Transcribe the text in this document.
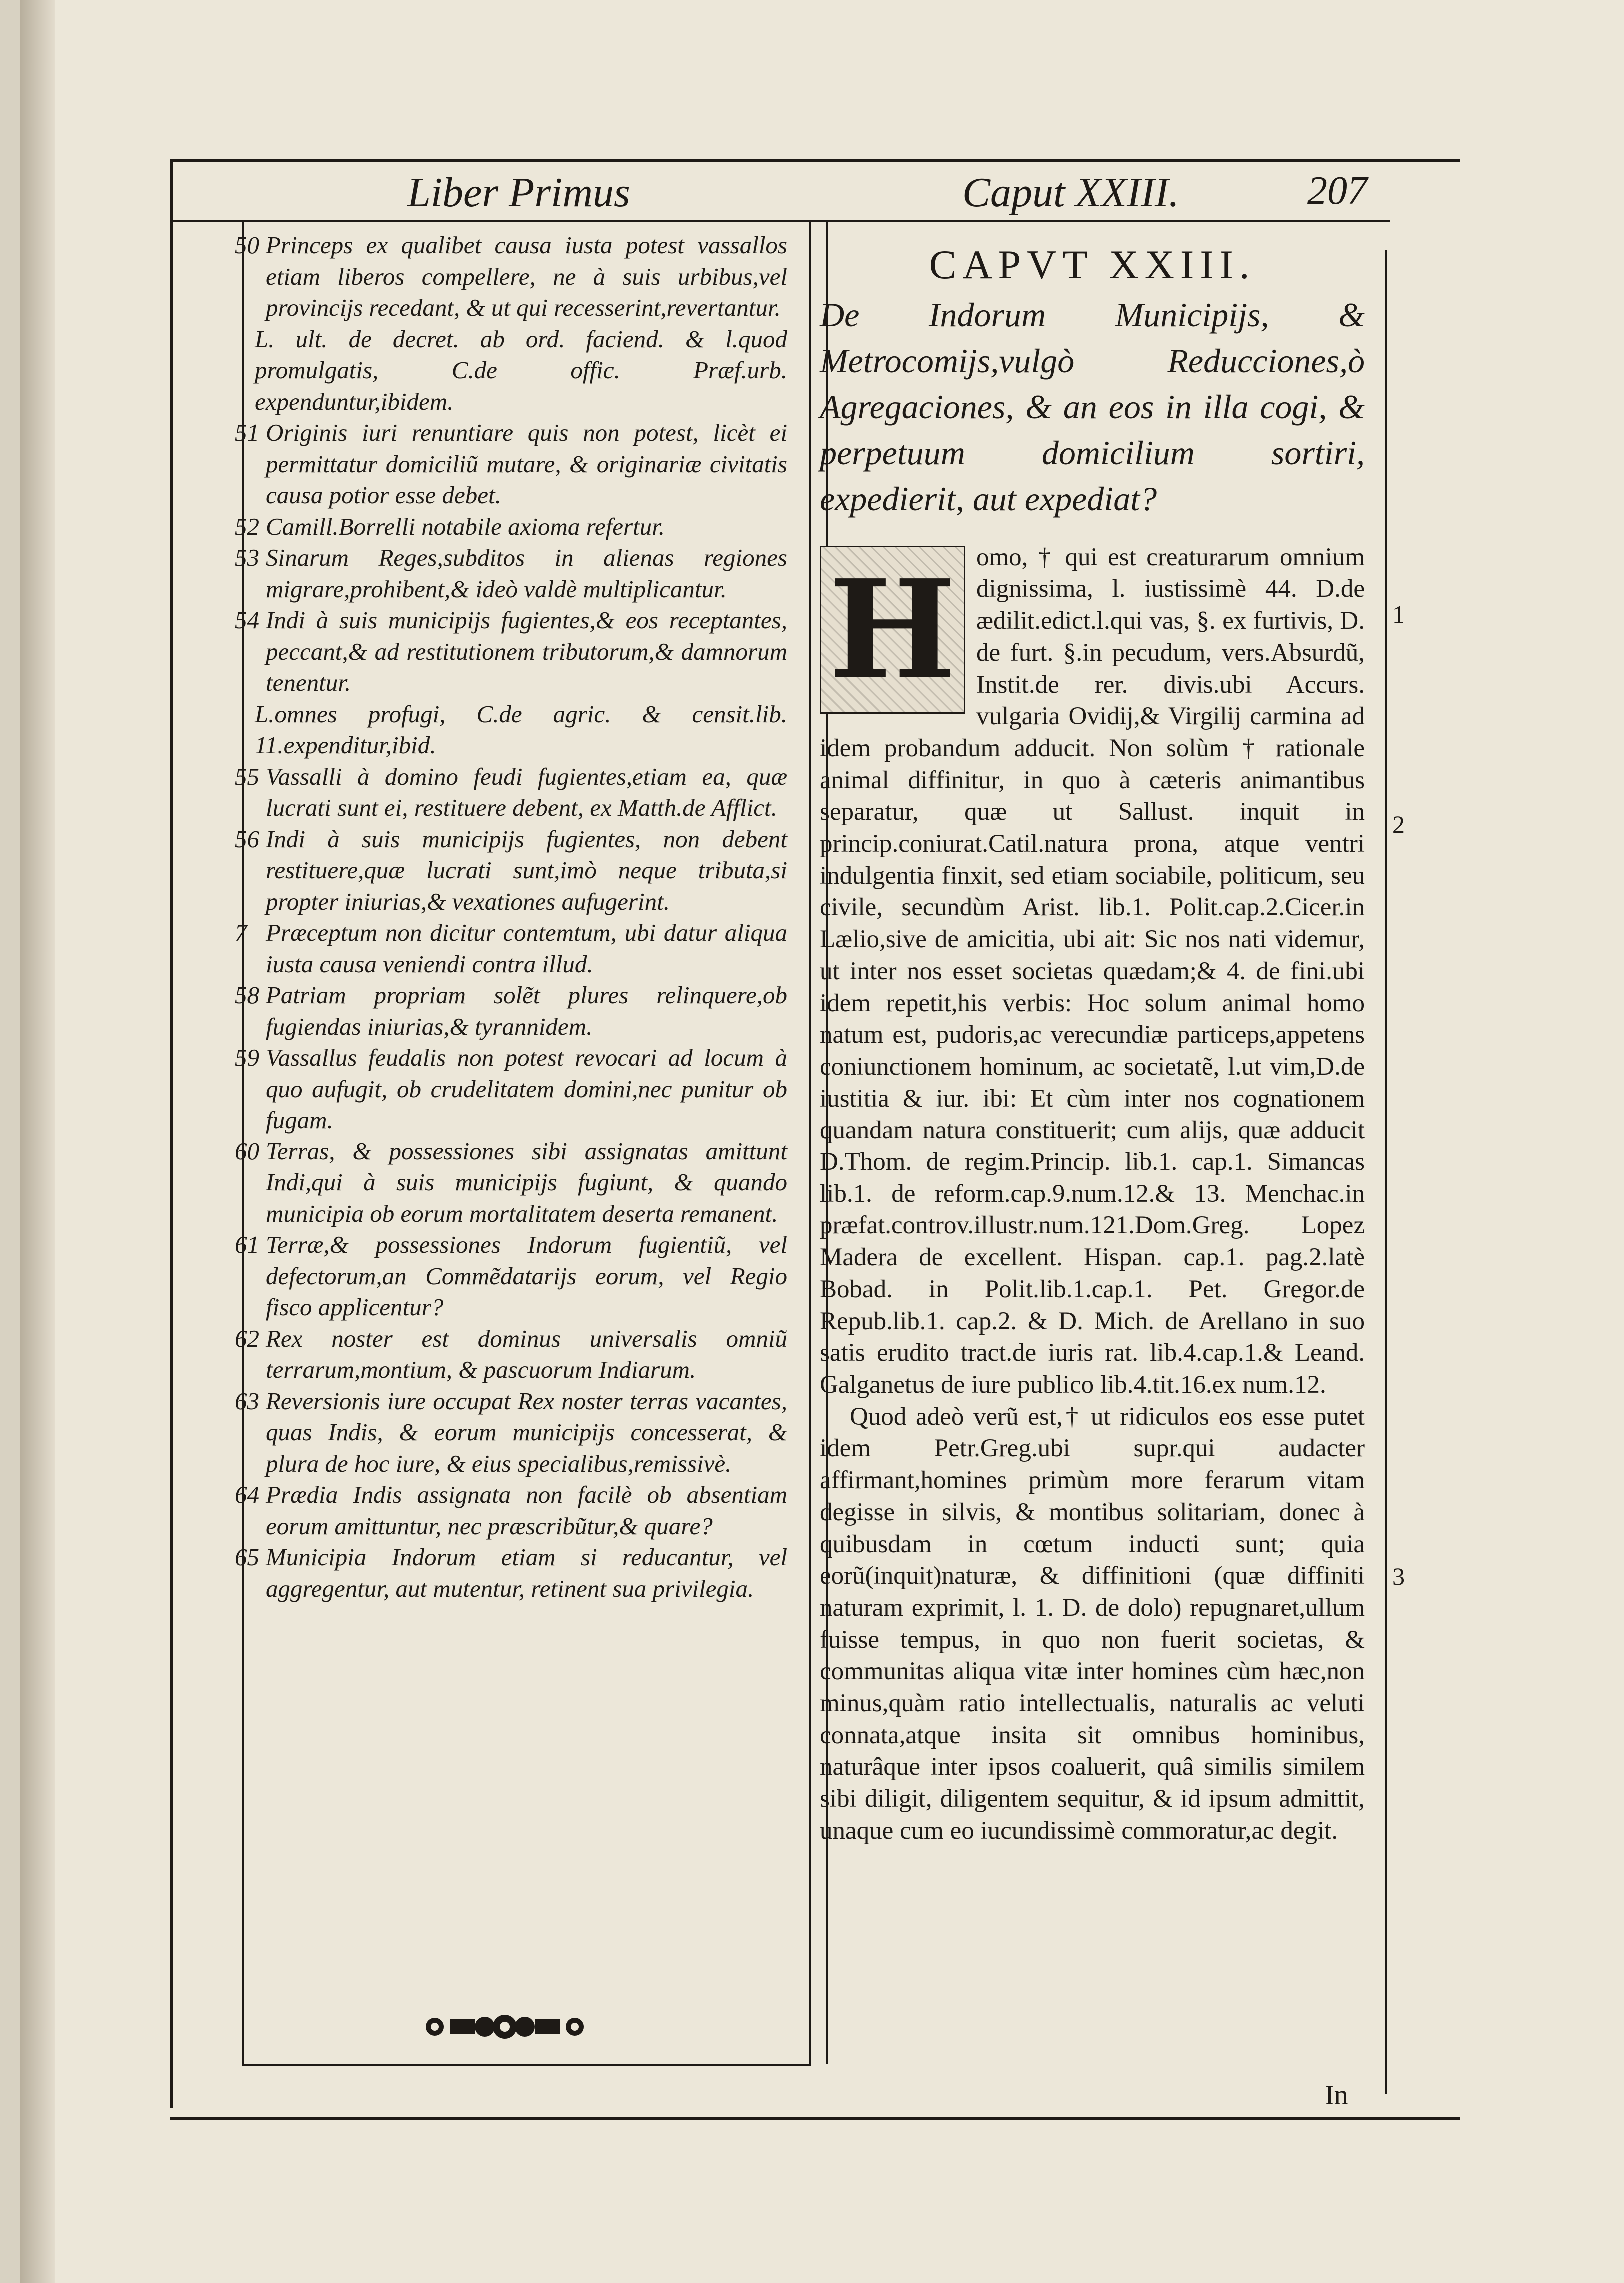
Liber Primus	Caput XXIII.	207
50 Princeps ex qualibet causa iusta potest vassallos etiam liberos compellere, ne à suis urbibus,vel provincijs recedant, & ut qui recesserint,revertantur.
L. ult. de decret. ab ord. faciend. & l.quod promulgatis, C.de offic. Præf.urb. expenduntur,ibidem.
51 Originis iuri renuntiare quis non potest, licèt ei permittatur domiciliũ mutare, & originariæ civitatis causa potior esse debet.
52 Camill.Borrelli notabile axioma refertur.
53 Sinarum Reges,subditos in alienas regiones migrare,prohibent,& ideò valdè multiplicantur.
54 Indi à suis municipijs fugientes,& eos receptantes, peccant,& ad restitutionem tributorum,& damnorum tenentur.
L.omnes profugi, C.de agric. & censit.lib. 11.expenditur,ibid.
55 Vassalli à domino feudi fugientes,etiam ea, quæ lucrati sunt ei, restituere debent, ex Matth.de Afflict.
56 Indi à suis municipijs fugientes, non debent restituere,quæ lucrati sunt,imò neque tributa,si propter iniurias,& vexationes aufugerint.
7 Præceptum non dicitur contemtum, ubi datur aliqua iusta causa veniendi contra illud.
58 Patriam propriam solẽt plures relinquere,ob fugiendas iniurias,& tyrannidem.
59 Vassallus feudalis non potest revocari ad locum à quo aufugit, ob crudelitatem domini,nec punitur ob fugam.
60 Terras, & possessiones sibi assignatas amittunt Indi,qui à suis municipijs fugiunt, & quando municipia ob eorum mortalitatem deserta remanent.
61 Terræ,& possessiones Indorum fugientiũ, vel defectorum,an Commẽdatarijs eorum, vel Regio fisco applicentur?
62 Rex noster est dominus universalis omniũ terrarum,montium, & pascuorum Indiarum.
63 Reversionis iure occupat Rex noster terras vacantes, quas Indis, & eorum municipijs concesserat, & plura de hoc iure, & eius specialibus,remissivè.
64 Prædia Indis assignata non facilè ob absentiam eorum amittuntur, nec præscribũtur,& quare?
65 Municipia Indorum etiam si reducantur, vel aggregentur, aut mutentur, retinent sua privilegia.
CAPVT XXIII.
De Indorum Municipijs, & Metrocomijs,vulgò Reducciones,ò Agregaciones, & an eos in illa cogi, & perpetuum domicilium sortiri, expedierit, aut expediat?
H omo, † qui est creaturarum omnium dignissima, l. iustissimè 44. D.de ædilit.edict.l.qui vas, §. ex furtivis, D. de furt. §.in pecudum, vers.Absurdũ, Instit.de rer. divis.ubi Accurs. vulgaria Ovidij,& Virgilij carmina ad idem probandum adducit. Non solùm † rationale animal diffinitur, in quo à cæteris animantibus separatur, quæ ut Sallust. inquit in princip.coniurat.Catil.natura prona, atque ventri indulgentia finxit, sed etiam sociabile, politicum, seu civile, secundùm Arist. lib.1. Polit.cap.2.Cicer.in Lælio,sive de amicitia, ubi ait: Sic nos nati videmur, ut inter nos esset societas quædam;& 4. de fini.ubi idem repetit,his verbis: Hoc solum animal homo natum est, pudoris,ac verecundiæ particeps,appetens coniunctionem hominum, ac societatẽ, l.ut vim,D.de iustitia & iur. ibi: Et cùm inter nos cognationem quandam natura constituerit; cum alijs, quæ adducit D.Thom. de regim.Princip. lib.1. cap.1. Simancas lib.1. de reform.cap.9.num.12.& 13. Menchac.in præfat.controv.illustr.num.121.Dom.Greg. Lopez Madera de excellent. Hispan. cap.1. pag.2.latè Bobad. in Polit.lib.1.cap.1. Pet. Gregor.de Repub.lib.1. cap.2. & D. Mich. de Arellano in suo satis erudito tract.de iuris rat. lib.4.cap.1.& Leand. Galganetus de iure publico lib.4.tit.16.ex num.12.

Quod adeò verũ est,† ut ridiculos eos esse putet idem Petr.Greg.ubi supr.qui audacter affirmant,homines primùm more ferarum vitam degisse in silvis, & montibus solitariam, donec à quibusdam in cœtum inducti sunt; quia eorũ(inquit)naturæ, & diffinitioni (quæ diffiniti naturam exprimit, l. 1. D. de dolo) repugnaret,ullum fuisse tempus, in quo non fuerit societas, & communitas aliqua vitæ inter homines cùm hæc,non minus,quàm ratio intellectualis, naturalis ac veluti connata,atque insita sit omnibus hominibus, naturâque inter ipsos coaluerit, quâ similis similem sibi diligit, diligentem sequitur, & id ipsum admittit, unaque cum eo iucundissimè commoratur,ac degit.

1
2
3
In
